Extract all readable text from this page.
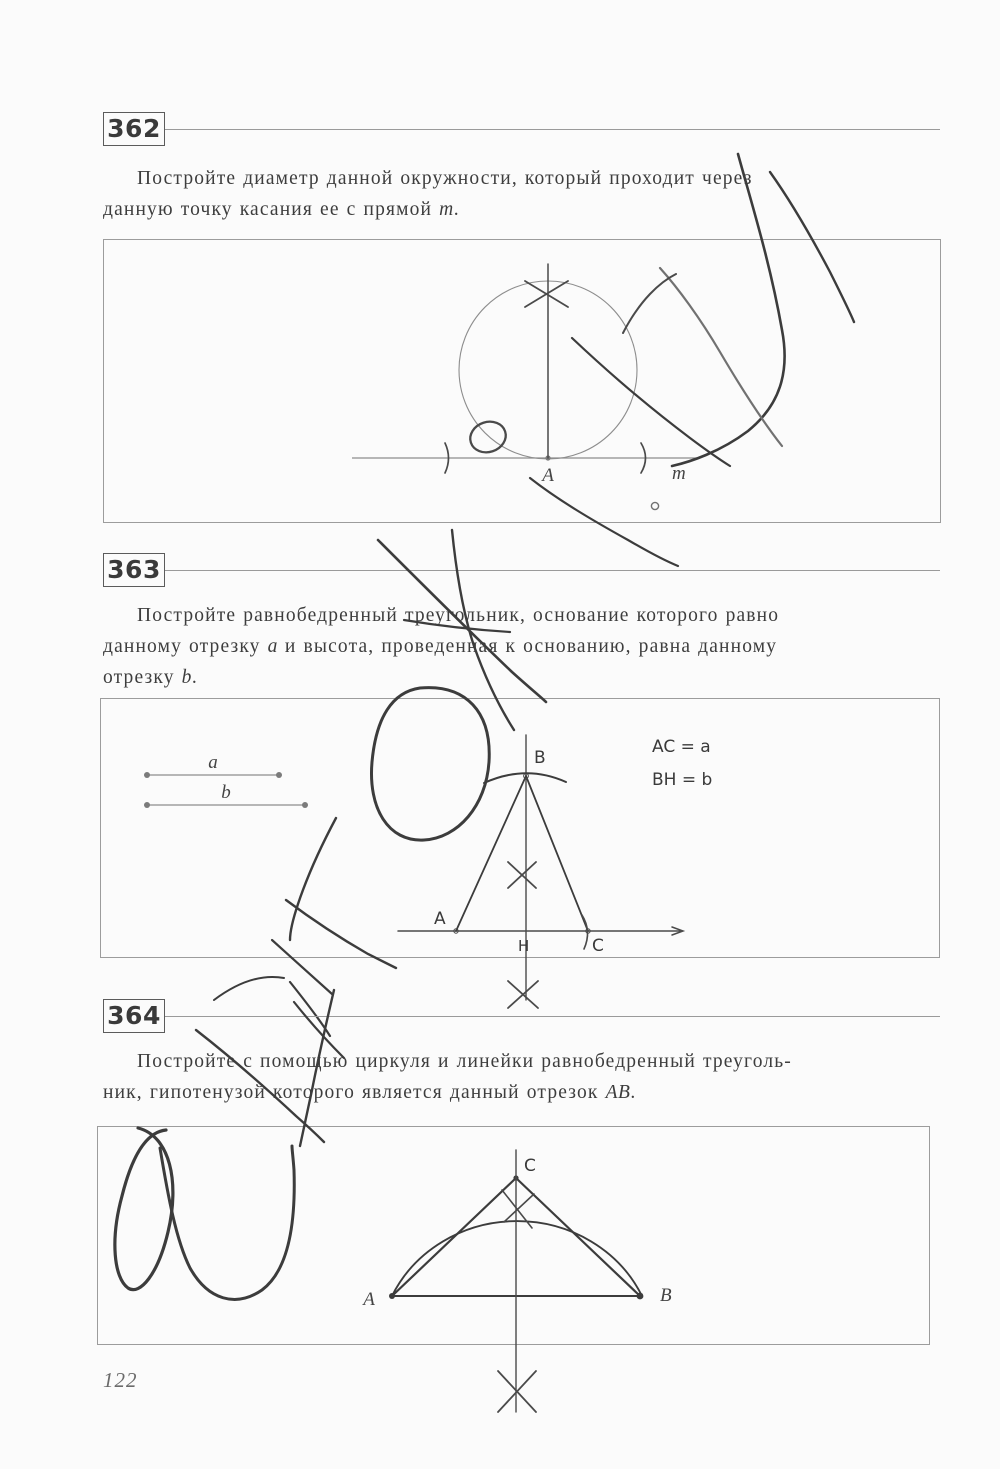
362
Постройте диаметр данной окружности, который проходит через
данную точку касания ее с прямой m.
A	m
363
Постройте равнобедренный треугольник, основание которого равно
данному отрезку a и высота, проведенная к основанию, равна данному
отрезку b.
a
b
B
A
C
H
AC = a
BH = b
364
Постройте с помощью циркуля и линейки равнобедренный треуголь-
ник, гипотенузой которого является данный отрезок AB.
A	B
C
122
